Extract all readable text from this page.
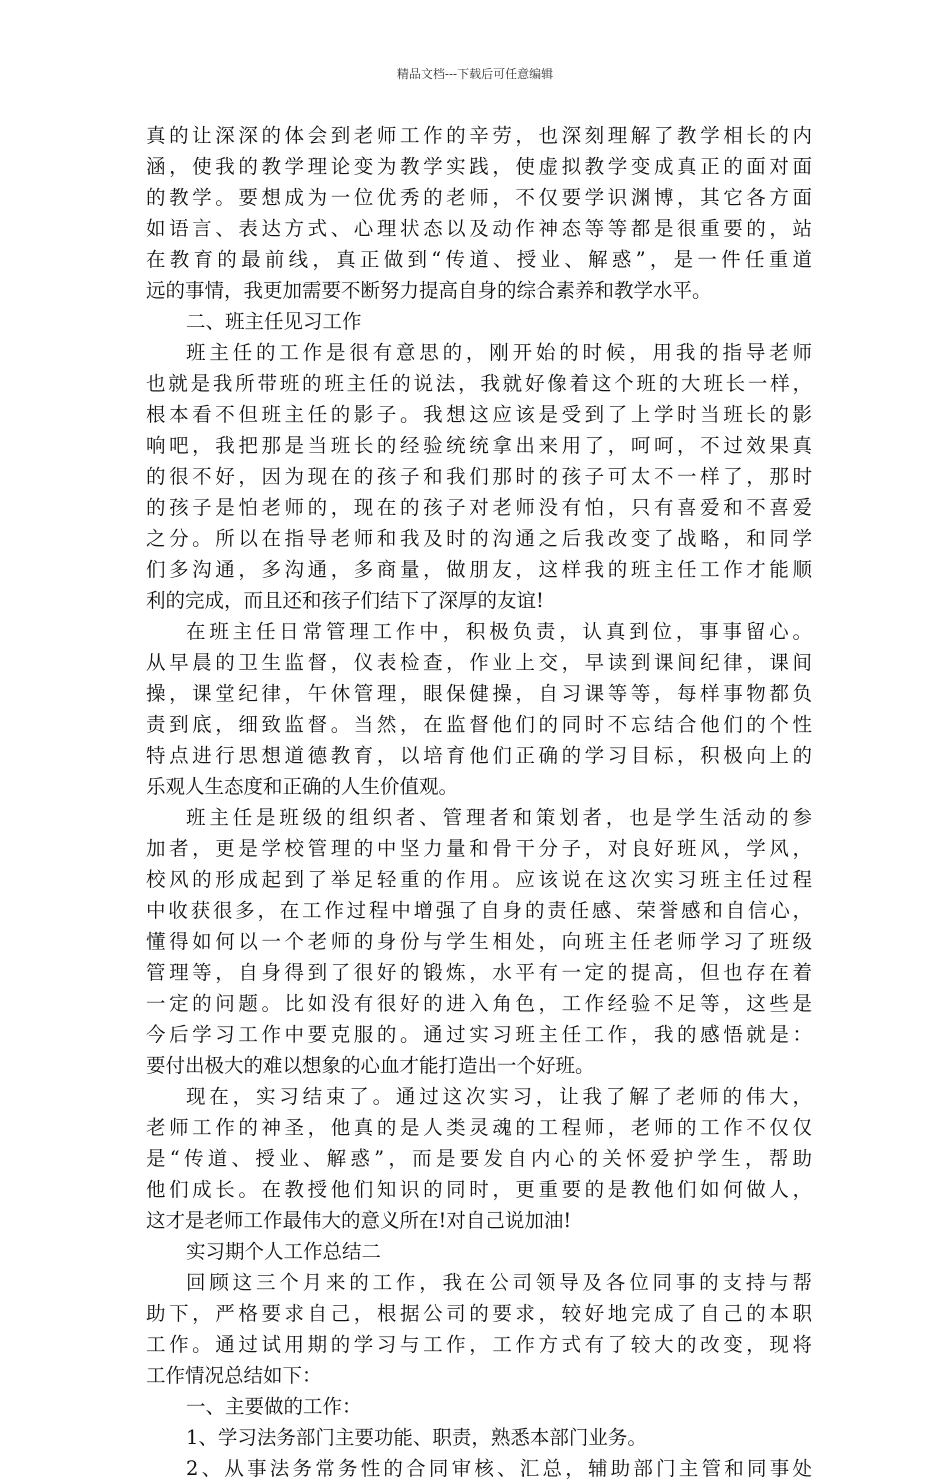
精品文档---下载后可任意编辑
真的让深深的体会到老师工作的辛劳，也深刻理解了教学相长的内
涵，使我的教学理论变为教学实践，使虚拟教学变成真正的面对面
的教学。要想成为一位优秀的老师，不仅要学识渊博，其它各方面
如语言、表达方式、心理状态以及动作神态等等都是很重要的，站
在教育的最前线，真正做到“传道、授业、解惑”，是一件任重道
远的事情，我更加需要不断努力提高自身的综合素养和教学水平。
二、班主任见习工作
班主任的工作是很有意思的，刚开始的时候，用我的指导老师
也就是我所带班的班主任的说法，我就好像着这个班的大班长一样，
根本看不但班主任的影子。我想这应该是受到了上学时当班长的影
响吧，我把那是当班长的经验统统拿出来用了，呵呵，不过效果真
的很不好，因为现在的孩子和我们那时的孩子可太不一样了，那时
的孩子是怕老师的，现在的孩子对老师没有怕，只有喜爱和不喜爱
之分。所以在指导老师和我及时的沟通之后我改变了战略，和同学
们多沟通，多沟通，多商量，做朋友，这样我的班主任工作才能顺
利的完成，而且还和孩子们结下了深厚的友谊!
在班主任日常管理工作中，积极负责，认真到位，事事留心。
从早晨的卫生监督，仪表检查，作业上交，早读到课间纪律，课间
操，课堂纪律，午休管理，眼保健操，自习课等等，每样事物都负
责到底，细致监督。当然，在监督他们的同时不忘结合他们的个性
特点进行思想道德教育，以培育他们正确的学习目标，积极向上的
乐观人生态度和正确的人生价值观。
班主任是班级的组织者、管理者和策划者，也是学生活动的参
加者，更是学校管理的中坚力量和骨干分子，对良好班风，学风，
校风的形成起到了举足轻重的作用。应该说在这次实习班主任过程
中收获很多，在工作过程中增强了自身的责任感、荣誉感和自信心，
懂得如何以一个老师的身份与学生相处，向班主任老师学习了班级
管理等，自身得到了很好的锻炼，水平有一定的提高，但也存在着
一定的问题。比如没有很好的进入角色，工作经验不足等，这些是
今后学习工作中要克服的。通过实习班主任工作，我的感悟就是：
要付出极大的难以想象的心血才能打造出一个好班。
现在，实习结束了。通过这次实习，让我了解了老师的伟大，
老师工作的神圣，他真的是人类灵魂的工程师，老师的工作不仅仅
是“传道、授业、解惑”，而是要发自内心的关怀爱护学生，帮助
他们成长。在教授他们知识的同时，更重要的是教他们如何做人，
这才是老师工作最伟大的意义所在!对自己说加油!
实习期个人工作总结二
回顾这三个月来的工作，我在公司领导及各位同事的支持与帮
助下，严格要求自己，根据公司的要求，较好地完成了自己的本职
工作。通过试用期的学习与工作，工作方式有了较大的改变，现将
工作情况总结如下：
一、主要做的工作：
1、学习法务部门主要功能、职责，熟悉本部门业务。
2、从事法务常务性的合同审核、汇总，辅助部门主管和同事处
